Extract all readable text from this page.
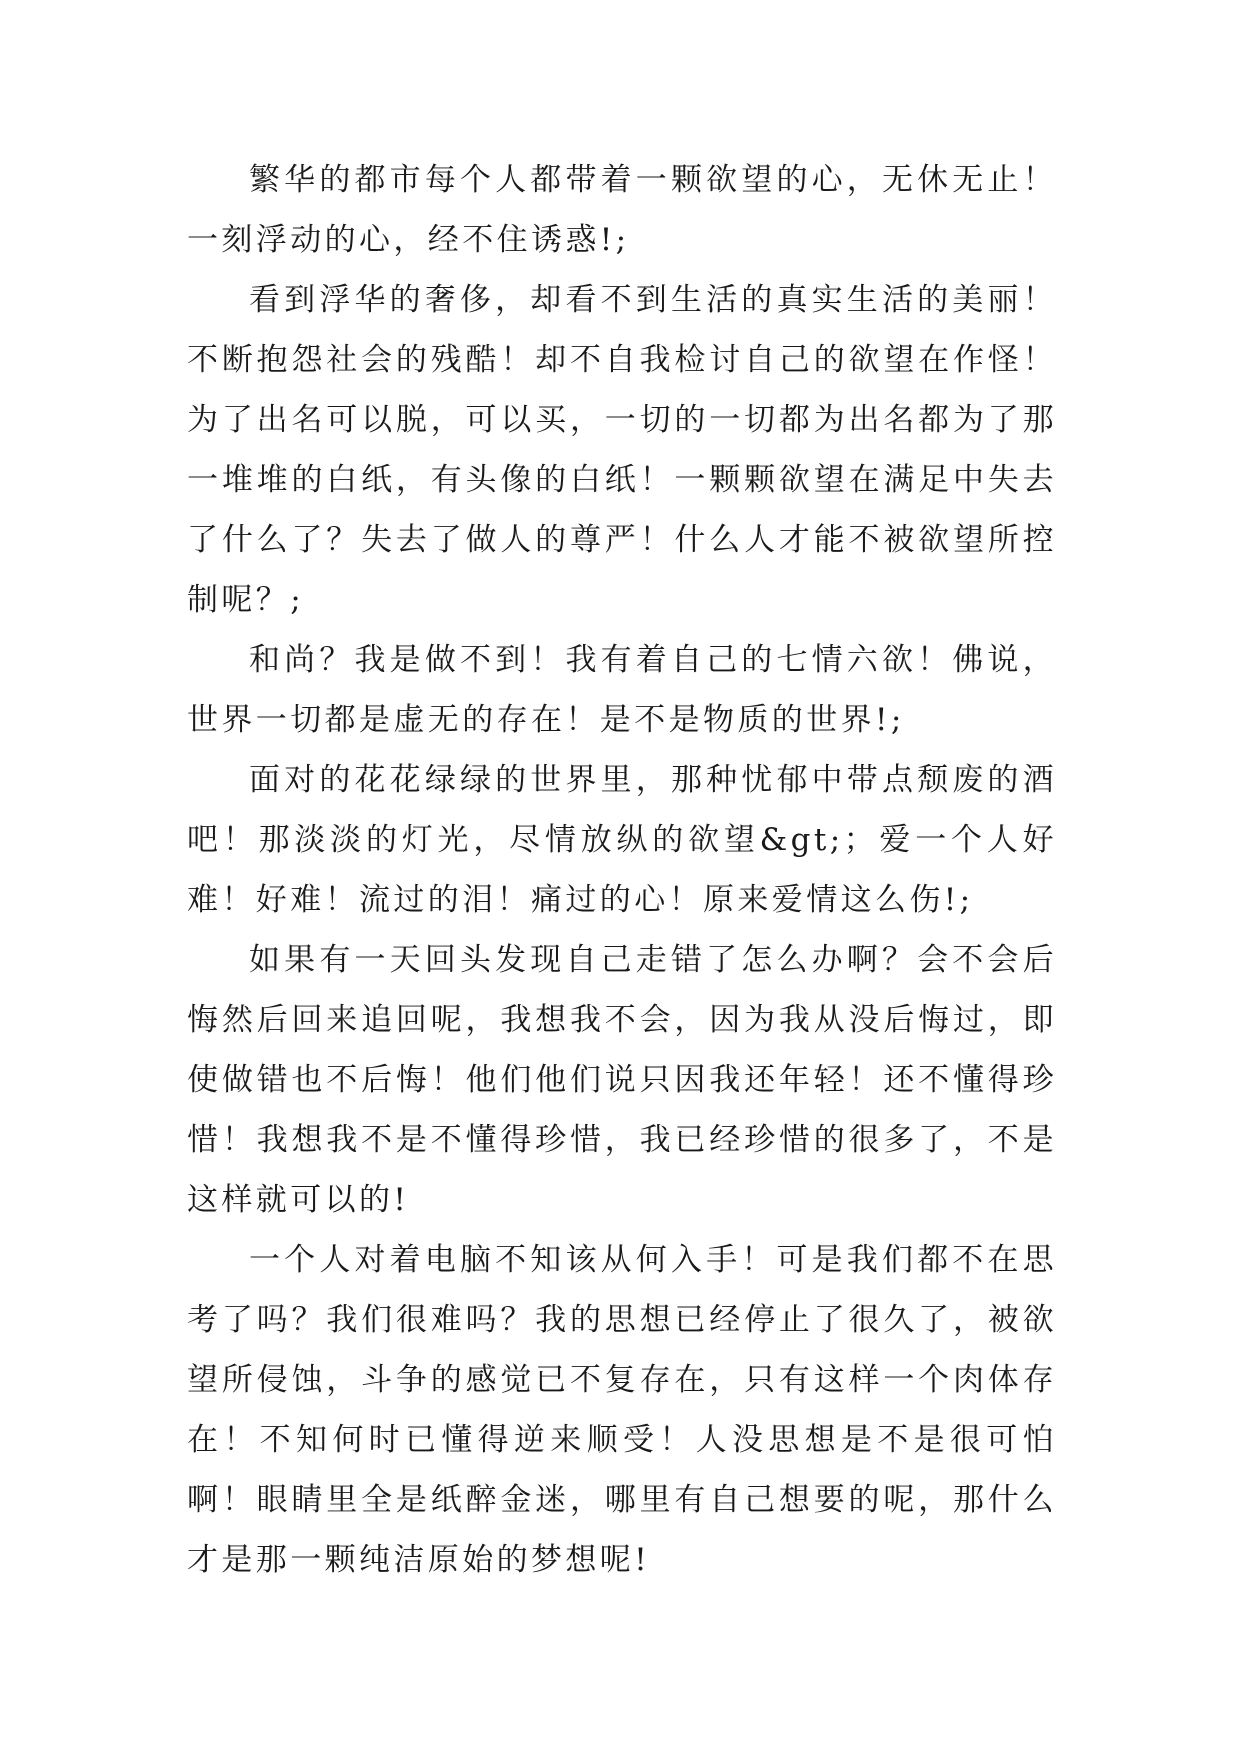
繁华的都市每个人都带着一颗欲望的心，无休无止！一刻浮动的心，经不住诱惑!;

看到浮华的奢侈，却看不到生活的真实生活的美丽！不断抱怨社会的残酷！却不自我检讨自己的欲望在作怪！为了出名可以脱，可以买，一切的一切都为出名都为了那一堆堆的白纸，有头像的白纸！一颗颗欲望在满足中失去了什么了？失去了做人的尊严！什么人才能不被欲望所控制呢？;

和尚？我是做不到！我有着自己的七情六欲！佛说，世界一切都是虚无的存在！是不是物质的世界!;

面对的花花绿绿的世界里，那种忧郁中带点颓废的酒吧！那淡淡的灯光，尽情放纵的欲望&gt;；爱一个人好难！好难！流过的泪！痛过的心！原来爱情这么伤!;

如果有一天回头发现自己走错了怎么办啊？会不会后悔然后回来追回呢，我想我不会，因为我从没后悔过，即使做错也不后悔！他们他们说只因我还年轻！还不懂得珍惜！我想我不是不懂得珍惜，我已经珍惜的很多了，不是这样就可以的!

一个人对着电脑不知该从何入手！可是我们都不在思考了吗？我们很难吗？我的思想已经停止了很久了，被欲望所侵蚀，斗争的感觉已不复存在，只有这样一个肉体存在！不知何时已懂得逆来顺受！人没思想是不是很可怕啊！眼睛里全是纸醉金迷，哪里有自己想要的呢，那什么才是那一颗纯洁原始的梦想呢!
